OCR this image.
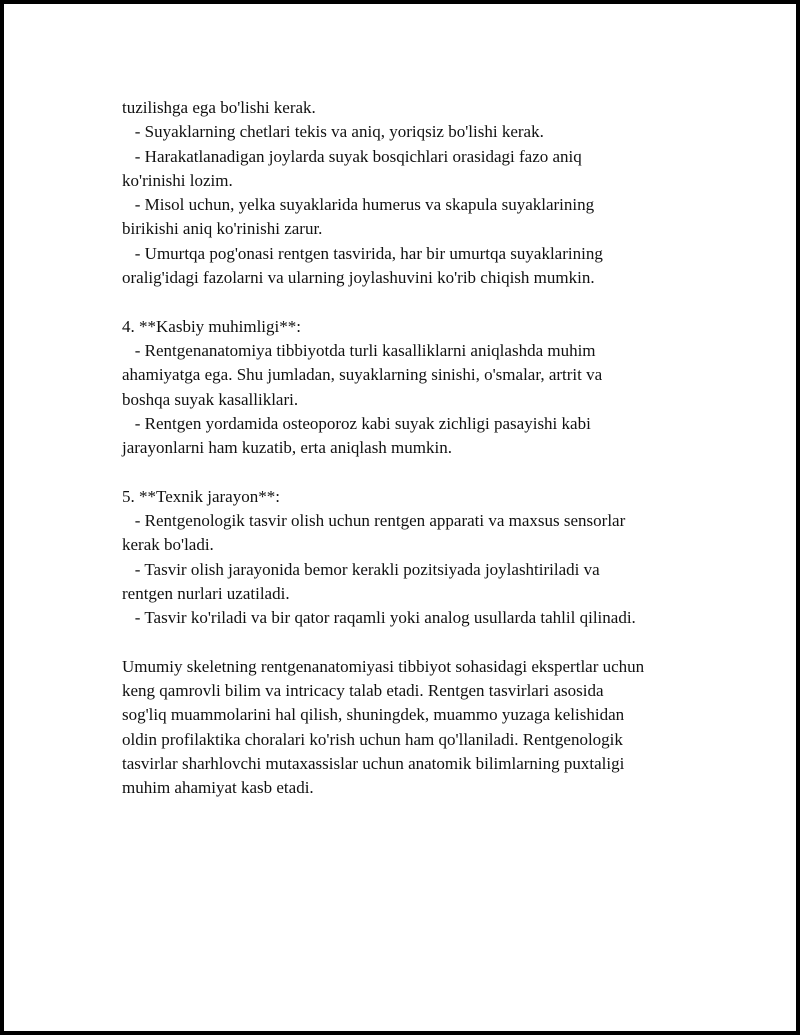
tuzilishga ega bo'lishi kerak.
- Suyaklarning chetlari tekis va aniq, yoriqsiz bo'lishi kerak.
- Harakatlanadigan joylarda suyak bosqichlari orasidagi fazo aniq
ko'rinishi lozim.
- Misol uchun, yelka suyaklarida humerus va skapula suyaklarining
birikishi aniq ko'rinishi zarur.
- Umurtqa pog'onasi rentgen tasvirida, har bir umurtqa suyaklarining
oralig'idagi fazolarni va ularning joylashuvini ko'rib chiqish mumkin.
4. **Kasbiy muhimligi**:
- Rentgenanatomiya tibbiyotda turli kasalliklarni aniqlashda muhim
ahamiyatga ega. Shu jumladan, suyaklarning sinishi, o'smalar, artrit va
boshqa suyak kasalliklari.
- Rentgen yordamida osteoporoz kabi suyak zichligi pasayishi kabi
jarayonlarni ham kuzatib, erta aniqlash mumkin.
5. **Texnik jarayon**:
- Rentgenologik tasvir olish uchun rentgen apparati va maxsus sensorlar
kerak bo'ladi.
- Tasvir olish jarayonida bemor kerakli pozitsiyada joylashtiriladi va
rentgen nurlari uzatiladi.
- Tasvir ko'riladi va bir qator raqamli yoki analog usullarda tahlil qilinadi.
Umumiy skeletning rentgenanatomiyasi tibbiyot sohasidagi ekspertlar uchun
keng qamrovli bilim va intricacy talab etadi. Rentgen tasvirlari asosida
sog'liq muammolarini hal qilish, shuningdek, muammo yuzaga kelishidan
oldin profilaktika choralari ko'rish uchun ham qo'llaniladi. Rentgenologik
tasvirlar sharhlovchi mutaxassislar uchun anatomik bilimlarning puxtaligi
muhim ahamiyat kasb etadi.
